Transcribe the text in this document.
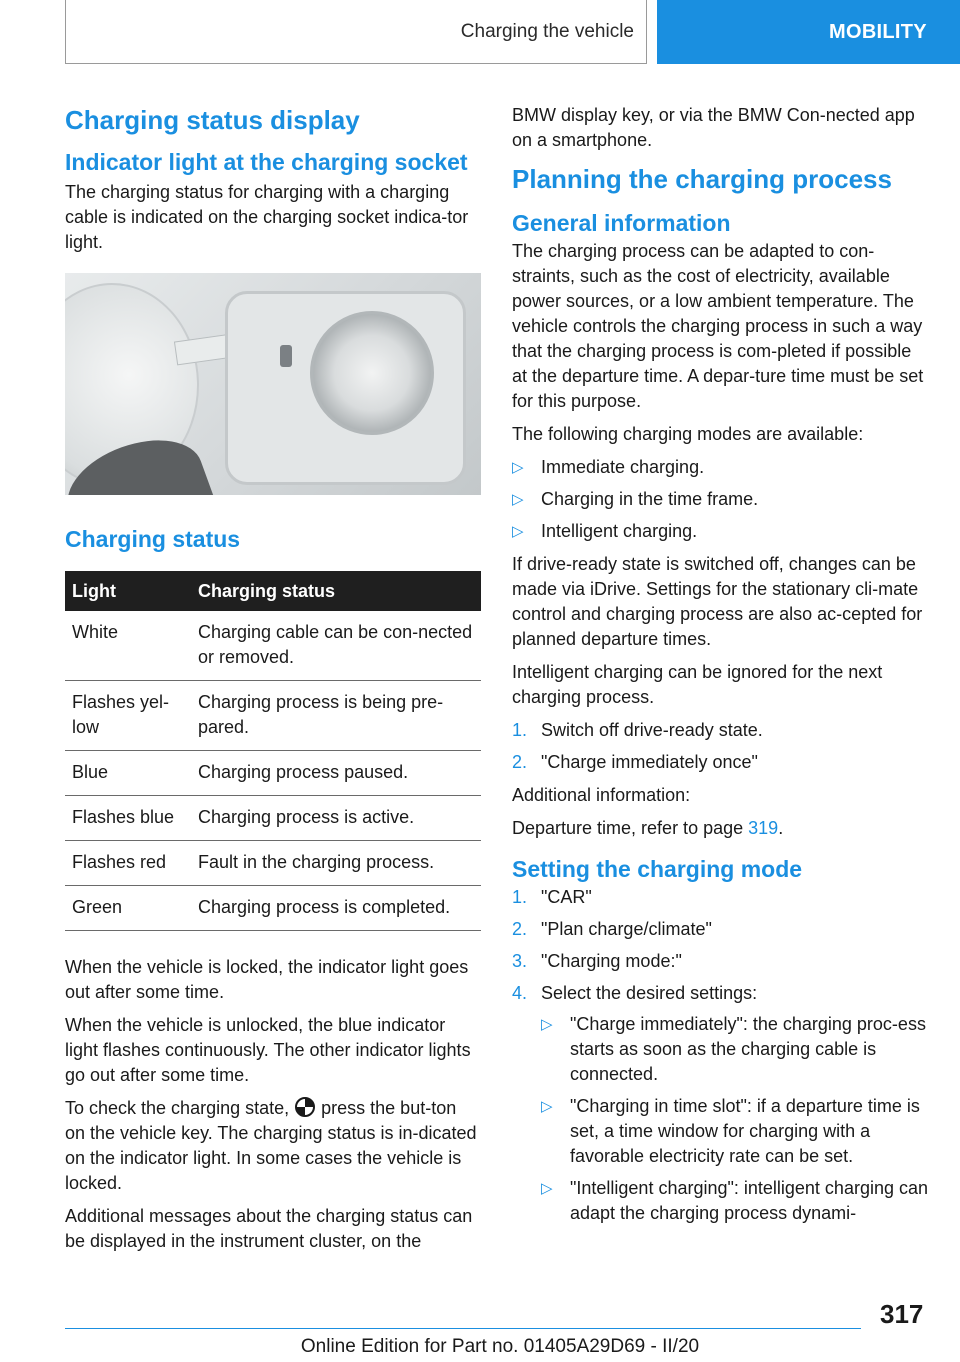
Charging the vehicle	MOBILITY
Charging status display
Indicator light at the charging socket

The charging status for charging with a charging cable is indicated on the charging socket indica-tor light.

Charging status
Light	Charging status
White	Charging cable can be con-nected or removed.
Flashes yel-low	Charging process is being pre-pared.
Blue	Charging process paused.
Flashes blue	Charging process is active.
Flashes red	Fault in the charging process.
Green	Charging process is completed.

When the vehicle is locked, the indicator light goes out after some time.

When the vehicle is unlocked, the blue indicator light flashes continuously. The other indicator lights go out after some time.

To check the charging state, press the but-ton on the vehicle key. The charging status is in-dicated on the indicator light. In some cases the vehicle is locked.

Additional messages about the charging status can be displayed in the instrument cluster, on the

BMW display key, or via the BMW Con-nected app on a smartphone.

Planning the charging process
General information

The charging process can be adapted to con-straints, such as the cost of electricity, available power sources, or a low ambient temperature. The vehicle controls the charging process in such a way that the charging process is com-pleted if possible at the departure time. A depar-ture time must be set for this purpose.

The following charging modes are available:

▷ Immediate charging.
▷ Charging in the time frame.
▷ Intelligent charging.

If drive-ready state is switched off, changes can be made via iDrive. Settings for the stationary cli-mate control and charging process are also ac-cepted for planned departure times.

Intelligent charging can be ignored for the next charging process.

1. Switch off drive-ready state.
2. "Charge immediately once"

Additional information:

Departure time, refer to page 319.

Setting the charging mode
1. "CAR"
2. "Plan charge/climate"
3. "Charging mode:"
4. Select the desired settings:
▷ "Charge immediately": the charging proc-ess starts as soon as the charging cable is connected.
▷ "Charging in time slot": if a departure time is set, a time window for charging with a favorable electricity rate can be set.
▷ "Intelligent charging": intelligent charging can adapt the charging process dynami-
317
Online Edition for Part no. 01405A29D69 - II/20
